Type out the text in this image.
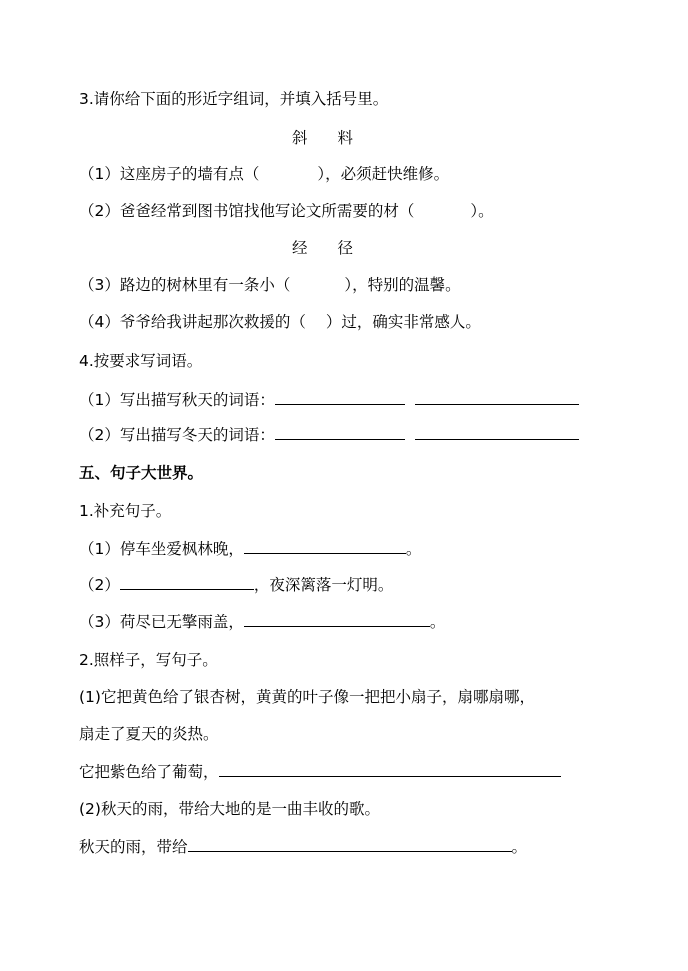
3.请你给下面的形近字组词，并填入括号里。
斜 料
（1）这座房子的墙有点（	），必须赶快维修。
（2）爸爸经常到图书馆找他写论文所需要的材（	）。
经 径
（3）路边的树林里有一条小（	），特别的温馨。
（4）爷爷给我讲起那次救援的（ ）过，确实非常感人。
4.按要求写词语。
（1）写出描写秋天的词语：
（2）写出描写冬天的词语：
五、句子大世界。
1.补充句子。
（1）停车坐爱枫林晚，	。
（2）	，夜深篱落一灯明。
（3）荷尽已无擎雨盖，	。
2.照样子，写句子。
(1)它把黄色给了银杏树，黄黄的叶子像一把把小扇子，扇哪扇哪，
扇走了夏天的炎热。
它把紫色给了葡萄，
(2)秋天的雨，带给大地的是一曲丰收的歌。
秋天的雨，带给	。
